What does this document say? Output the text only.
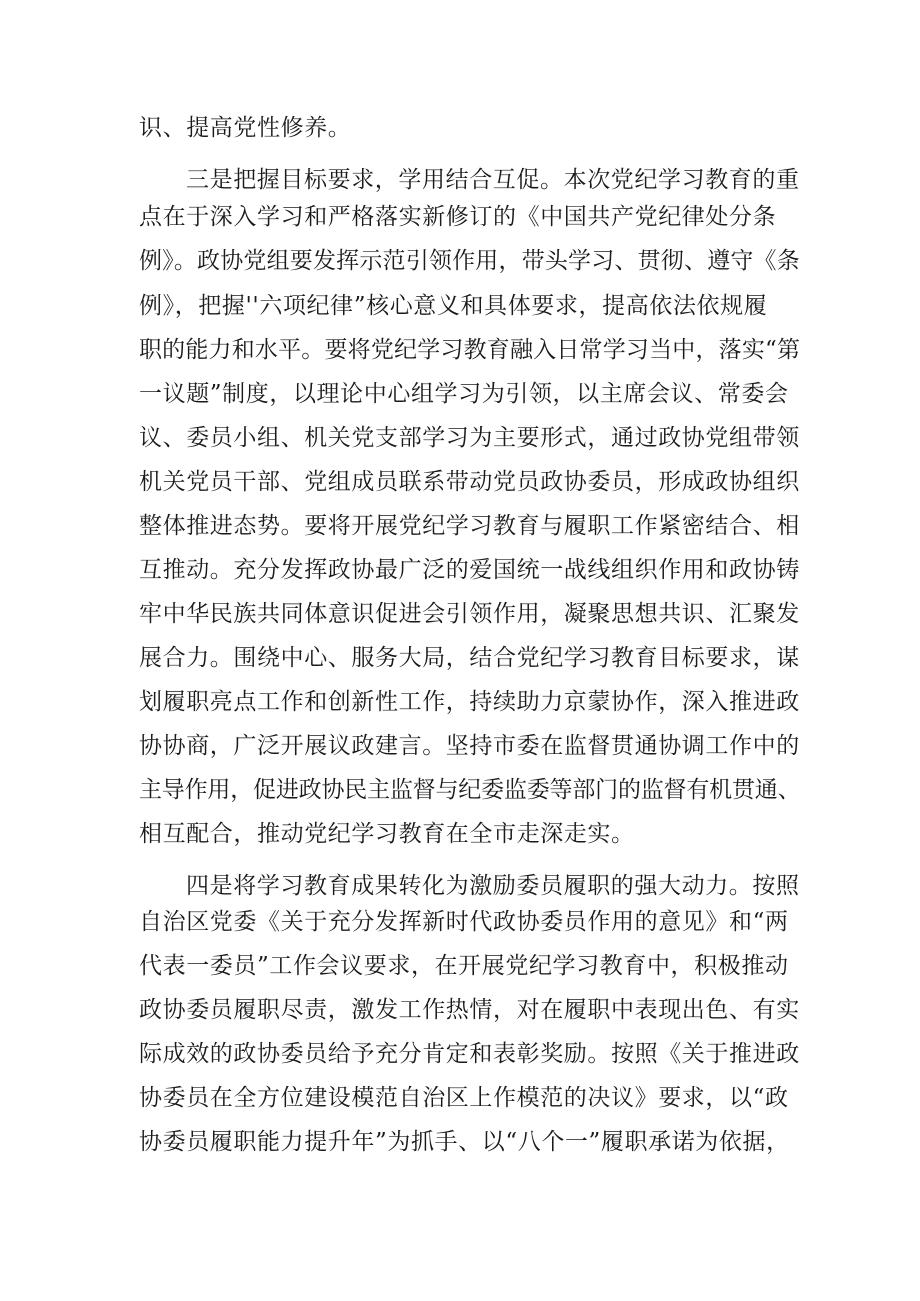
识、提高党性修养。
三是把握目标要求，学用结合互促。本次党纪学习教育的重
点在于深入学习和严格落实新修订的《中国共产党纪律处分条
例》。政协党组要发挥示范引领作用，带头学习、贯彻、遵守《条
例》，把握''六项纪律”核心意义和具体要求，提高依法依规履
职的能力和水平。要将党纪学习教育融入日常学习当中，落实“第
一议题”制度，以理论中心组学习为引领，以主席会议、常委会
议、委员小组、机关党支部学习为主要形式，通过政协党组带领
机关党员干部、党组成员联系带动党员政协委员，形成政协组织
整体推进态势。要将开展党纪学习教育与履职工作紧密结合、相
互推动。充分发挥政协最广泛的爱国统一战线组织作用和政协铸
牢中华民族共同体意识促进会引领作用，凝聚思想共识、汇聚发
展合力。围绕中心、服务大局，结合党纪学习教育目标要求，谋
划履职亮点工作和创新性工作，持续助力京蒙协作，深入推进政
协协商，广泛开展议政建言。坚持市委在监督贯通协调工作中的
主导作用，促进政协民主监督与纪委监委等部门的监督有机贯通、
相互配合，推动党纪学习教育在全市走深走实。
四是将学习教育成果转化为激励委员履职的强大动力。按照
自治区党委《关于充分发挥新时代政协委员作用的意见》和“两
代表一委员”工作会议要求，在开展党纪学习教育中，积极推动
政协委员履职尽责，激发工作热情，对在履职中表现出色、有实
际成效的政协委员给予充分肯定和表彰奖励。按照《关于推进政
协委员在全方位建设模范自治区上作模范的决议》要求，以“政
协委员履职能力提升年”为抓手、以“八个一”履职承诺为依据，
